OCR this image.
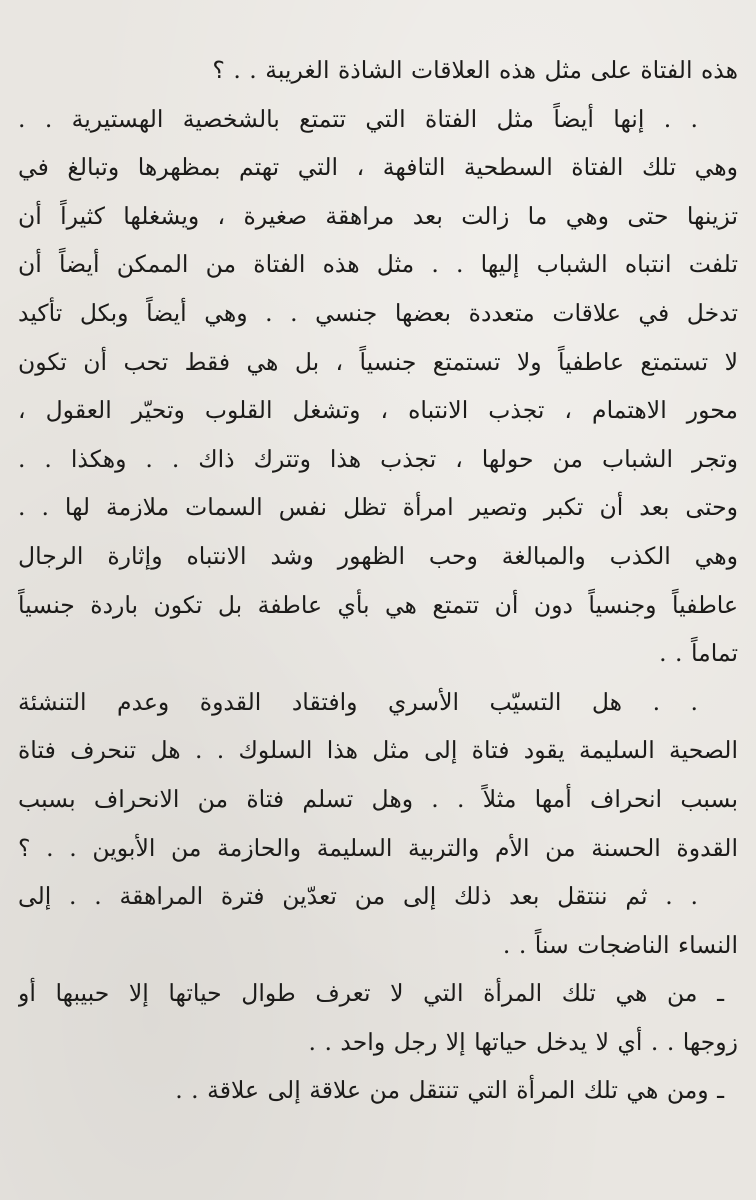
هذه الفتاة على مثل هذه العلاقات الشاذة الغريبة . . ؟
. . إنها أيضاً مثل الفتاة التي تتمتع بالشخصية الهستيرية . .
وهي تلك الفتاة السطحية التافهة ، التي تهتم بمظهرها وتبالغ في
تزينها حتى وهي ما زالت بعد مراهقة صغيرة ، ويشغلها كثيراً أن
تلفت انتباه الشباب إليها . . مثل هذه الفتاة من الممكن أيضاً أن
تدخل في علاقات متعددة بعضها جنسي . . وهي أيضاً وبكل تأكيد
لا تستمتع عاطفياً ولا تستمتع جنسياً ، بل هي فقط تحب أن تكون
محور الاهتمام ، تجذب الانتباه ، وتشغل القلوب وتحيّر العقول ،
وتجر الشباب من حولها ، تجذب هذا وتترك ذاك . . وهكذا . .
وحتى بعد أن تكبر وتصير امرأة تظل نفس السمات ملازمة لها . .
وهي الكذب والمبالغة وحب الظهور وشد الانتباه وإثارة الرجال
عاطفياً وجنسياً دون أن تتمتع هي بأي عاطفة بل تكون باردة جنسياً
تماماً . .
. . هل التسيّب الأسري وافتقاد القدوة وعدم التنشئة
الصحية السليمة يقود فتاة إلى مثل هذا السلوك . . هل تنحرف فتاة
بسبب انحراف أمها مثلاً . . وهل تسلم فتاة من الانحراف بسبب
القدوة الحسنة من الأم والتربية السليمة والحازمة من الأبوين . . ؟
. . ثم ننتقل بعد ذلك إلى من تعدّين فترة المراهقة . . إلى
النساء الناضجات سناً . .
ـ من هي تلك المرأة التي لا تعرف طوال حياتها إلا حبيبها أو
زوجها . . أي لا يدخل حياتها إلا رجل واحد . .
ـ ومن هي تلك المرأة التي تنتقل من علاقة إلى علاقة . .
